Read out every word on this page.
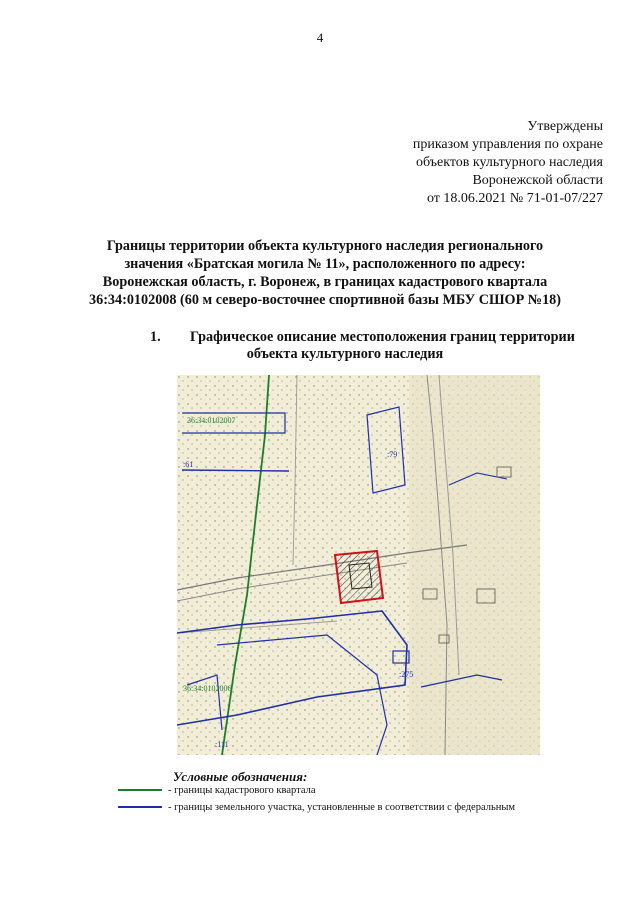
4
Утверждены
приказом управления по охране
объектов культурного наследия
Воронежской области
от 18.06.2021 № 71-01-07/227
Границы территории объекта культурного наследия регионального
значения «Братская могила № 11», расположенного по адресу:
Воронежская область, г. Воронеж, в границах кадастрового квартала
36:34:0102008 (60 м северо-восточнее спортивной базы МБУ СШОР №18)
1. Графическое описание местоположения границ территории
объекта культурного наследия
36:34:0102007
:61
:79
:275
36:34:0102006
:111
Условные обозначения:
- границы кадастрового квартала
- границы земельного участка, установленные в соответствии с федеральным
